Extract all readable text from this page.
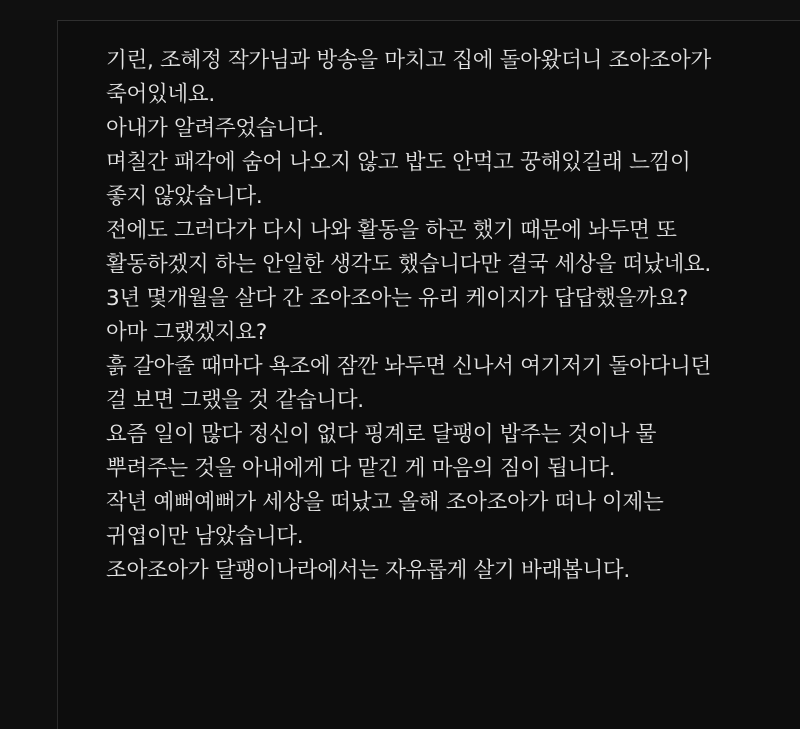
기린, 조혜정 작가님과 방송을 마치고 집에 돌아왔더니 조아조아가
죽어있네요.
아내가 알려주었습니다.
며칠간 패각에 숨어 나오지 않고 밥도 안먹고 꿍해있길래 느낌이
좋지 않았습니다.
전에도 그러다가 다시 나와 활동을 하곤 했기 때문에 놔두면 또
활동하겠지 하는 안일한 생각도 했습니다만 결국 세상을 떠났네요.
3년 몇개월을 살다 간 조아조아는 유리 케이지가 답답했을까요?
아마 그랬겠지요?
흙 갈아줄 때마다 욕조에 잠깐 놔두면 신나서 여기저기 돌아다니던
걸 보면 그랬을 것 같습니다.
요즘 일이 많다 정신이 없다 핑계로 달팽이 밥주는 것이나 물
뿌려주는 것을 아내에게 다 맡긴 게 마음의 짐이 됩니다.
작년 예뻐예뻐가 세상을 떠났고 올해 조아조아가 떠나 이제는
귀엽이만 남았습니다.
조아조아가 달팽이나라에서는 자유롭게 살기 바래봅니다.
